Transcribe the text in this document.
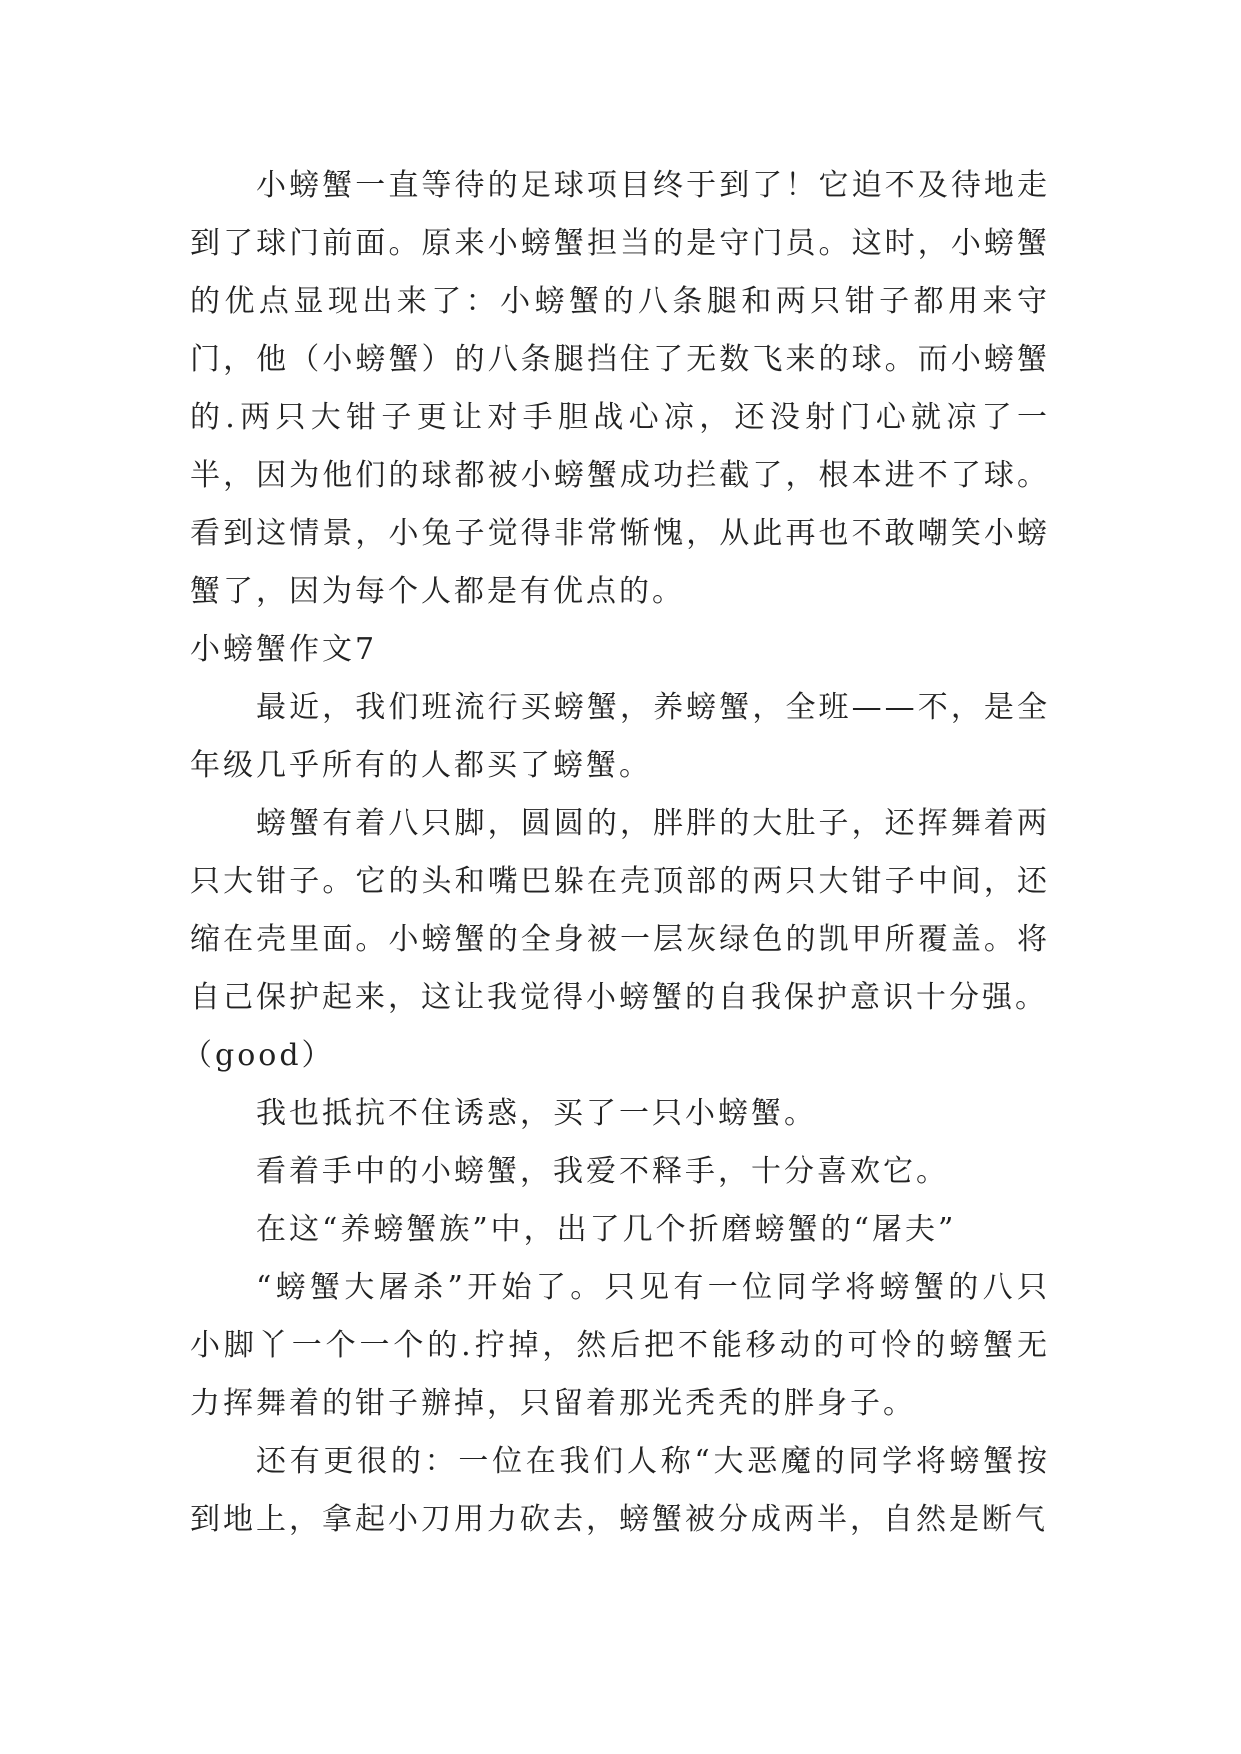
小螃蟹一直等待的足球项目终于到了！它迫不及待地走到了球门前面。原来小螃蟹担当的是守门员。这时，小螃蟹的优点显现出来了：小螃蟹的八条腿和两只钳子都用来守门，他（小螃蟹）的八条腿挡住了无数飞来的球。而小螃蟹的.两只大钳子更让对手胆战心凉，还没射门心就凉了一半，因为他们的球都被小螃蟹成功拦截了，根本进不了球。看到这情景，小兔子觉得非常惭愧，从此再也不敢嘲笑小螃蟹了，因为每个人都是有优点的。

小螃蟹作文7

最近，我们班流行买螃蟹，养螃蟹，全班——不，是全年级几乎所有的人都买了螃蟹。

螃蟹有着八只脚，圆圆的，胖胖的大肚子，还挥舞着两只大钳子。它的头和嘴巴躲在壳顶部的两只大钳子中间，还缩在壳里面。小螃蟹的全身被一层灰绿色的凯甲所覆盖。将自己保护起来，这让我觉得小螃蟹的自我保护意识十分强。

（good）

我也抵抗不住诱惑，买了一只小螃蟹。

看着手中的小螃蟹，我爱不释手，十分喜欢它。

在这“养螃蟹族”中，出了几个折磨螃蟹的“屠夫”

“螃蟹大屠杀”开始了。只见有一位同学将螃蟹的八只小脚丫一个一个的.拧掉，然后把不能移动的可怜的螃蟹无力挥舞着的钳子辦掉，只留着那光秃秃的胖身子。

还有更很的：一位在我们人称“大恶魔的同学将螃蟹按到地上，拿起小刀用力砍去，螃蟹被分成两半，自然是断气
